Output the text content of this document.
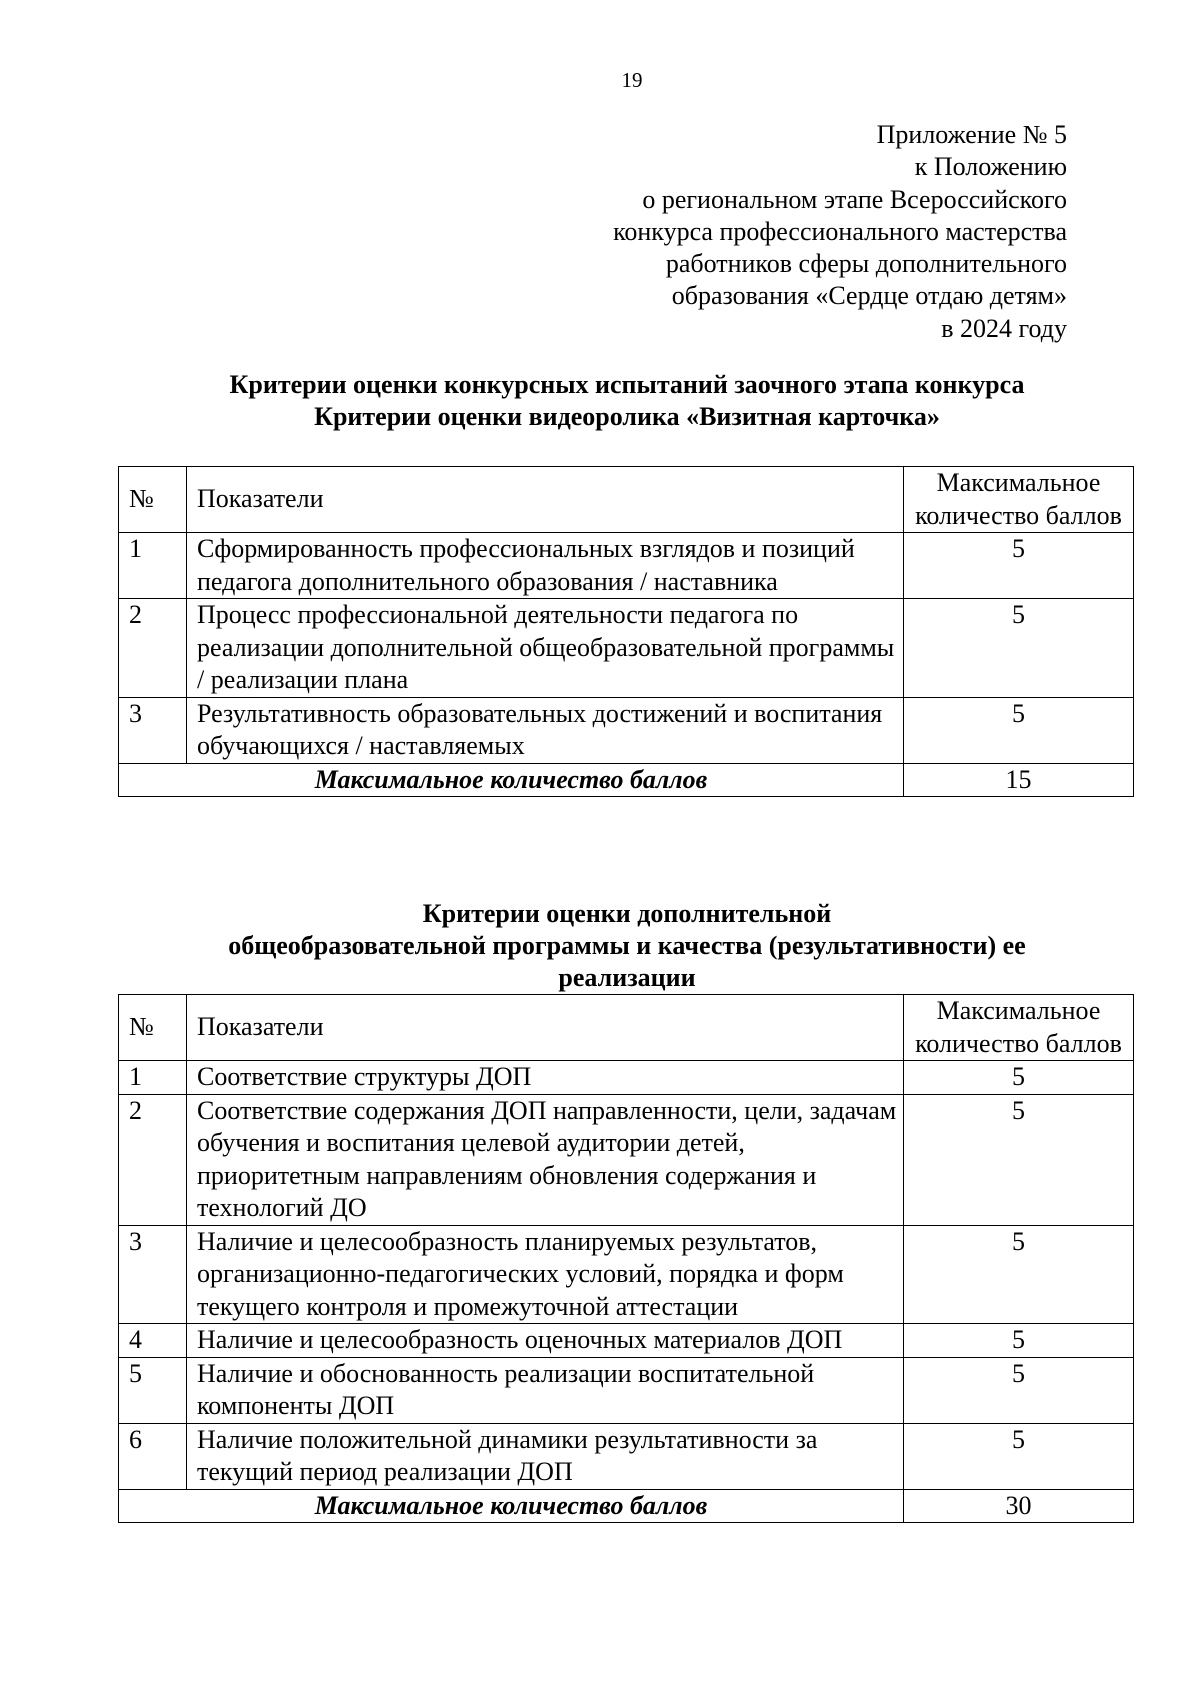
19
Приложение № 5
к Положению
о региональном этапе Всероссийского
конкурса профессионального мастерства
работников сферы дополнительного
образования «Сердце отдаю детям»
в 2024 году
Критерии оценки конкурсных испытаний заочного этапа конкурса
Критерии оценки видеоролика «Визитная карточка»
№	Показатели	Максимальное количество баллов
1	Сформированность профессиональных взглядов и позиций педагога дополнительного образования / наставника	5
2	Процесс профессиональной деятельности педагога по реализации дополнительной общеобразовательной программы / реализации плана	5
3	Результативность образовательных достижений и воспитания обучающихся / наставляемых	5
Максимальное количество баллов		15
Критерии оценки дополнительной
общеобразовательной программы и качества (результативности) ее
реализации
№	Показатели	Максимальное количество баллов
1	Соответствие структуры ДОП	5
2	Соответствие содержания ДОП направленности, цели, задачам обучения и воспитания целевой аудитории детей, приоритетным направлениям обновления содержания и технологий ДО	5
3	Наличие и целесообразность планируемых результатов, организационно-педагогических условий, порядка и форм текущего контроля и промежуточной аттестации	5
4	Наличие и целесообразность оценочных материалов ДОП	5
5	Наличие и обоснованность реализации воспитательной компоненты ДОП	5
6	Наличие положительной динамики результативности за текущий период реализации ДОП	5
Максимальное количество баллов		30
